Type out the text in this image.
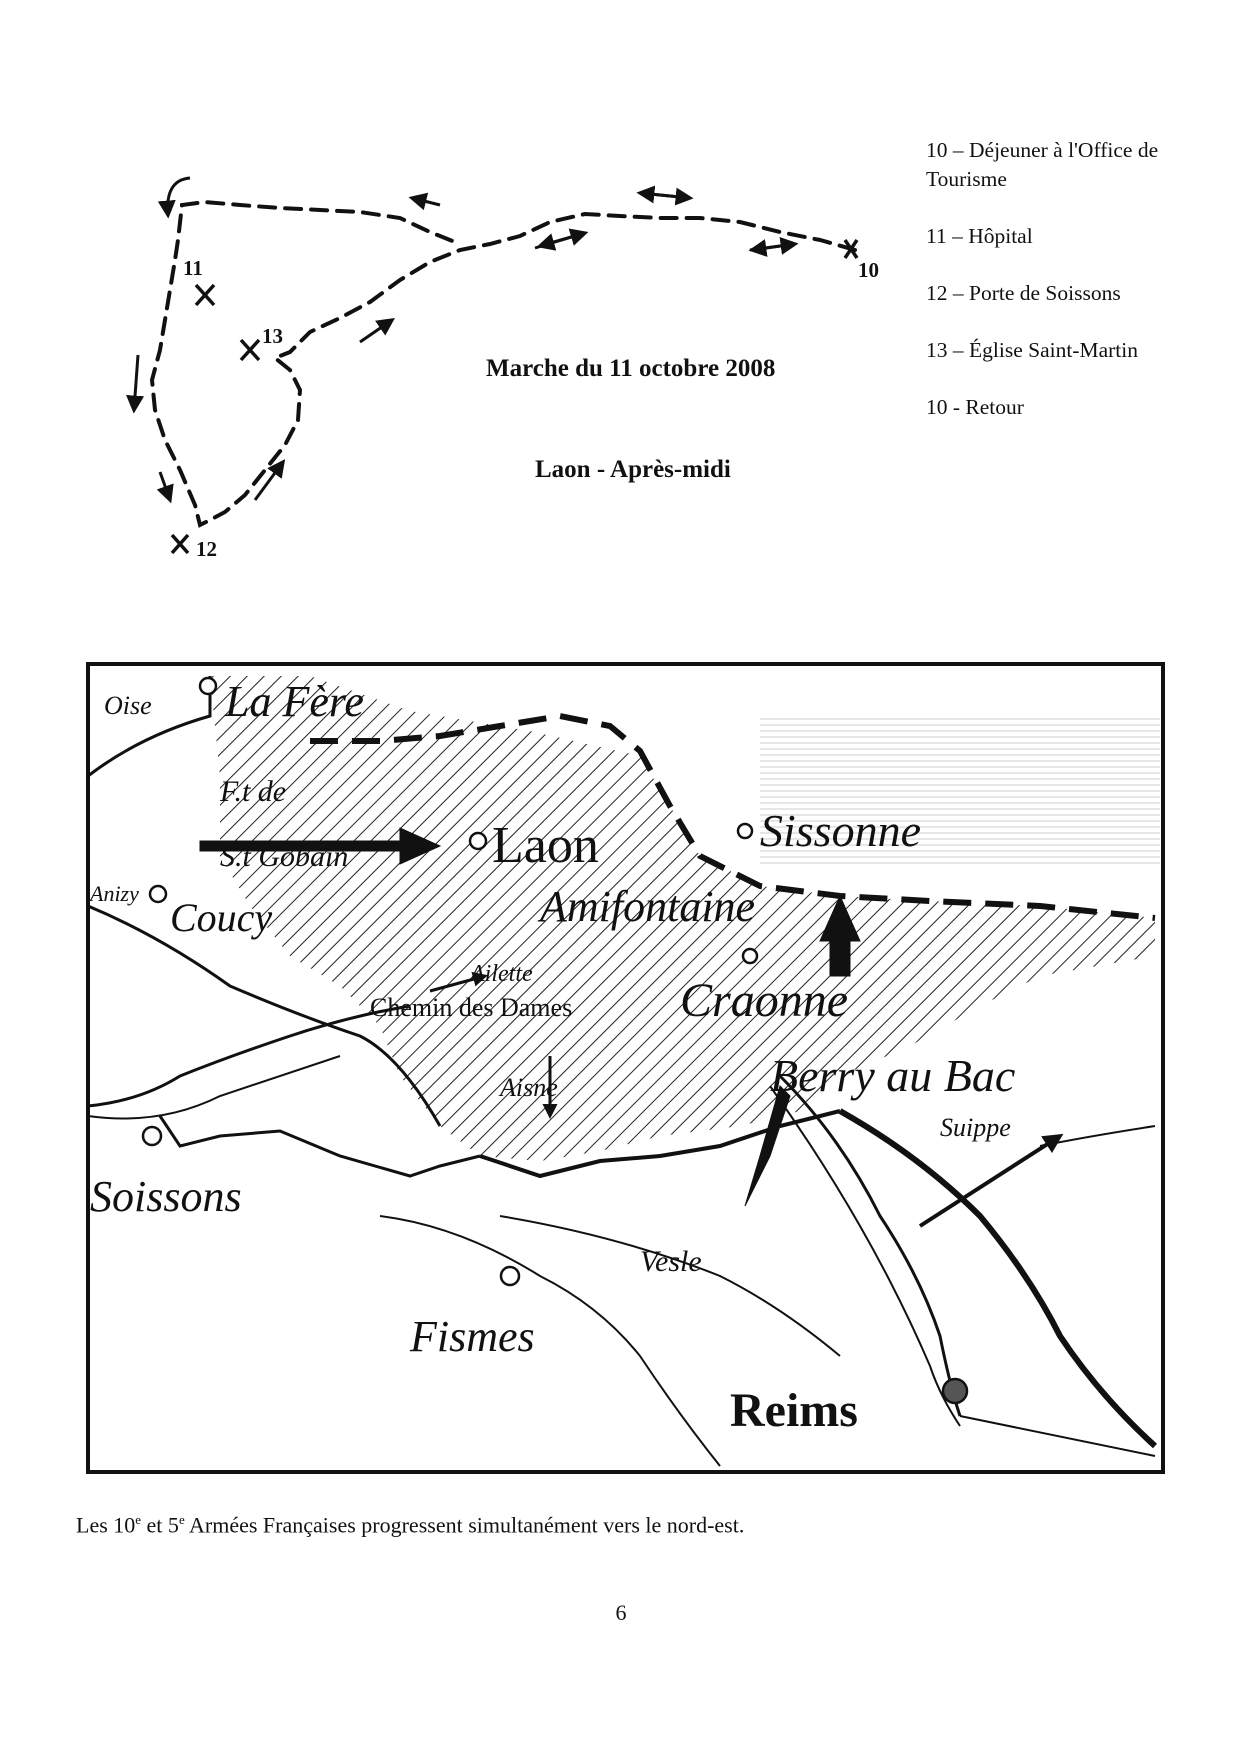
11
13
10
12
Marche du 11 octobre 2008
Laon - Après-midi
10 – Déjeuner à l'Office de Tourisme
11 – Hôpital
12 – Porte de Soissons
13 – Église Saint-Martin
10 - Retour
La Fère
Oise
F.t de
S.t Gobain	Laon	Sissonne
Anizy
Coucy	Amifontaine
Ailette
Chemin des Dames Craonne
Aisne	Berry au Bac
Suippe
Soissons
Vesle
Fismes
Reims
Les 10e et 5e Armées Françaises progressent simultanément vers le nord-est.
6
